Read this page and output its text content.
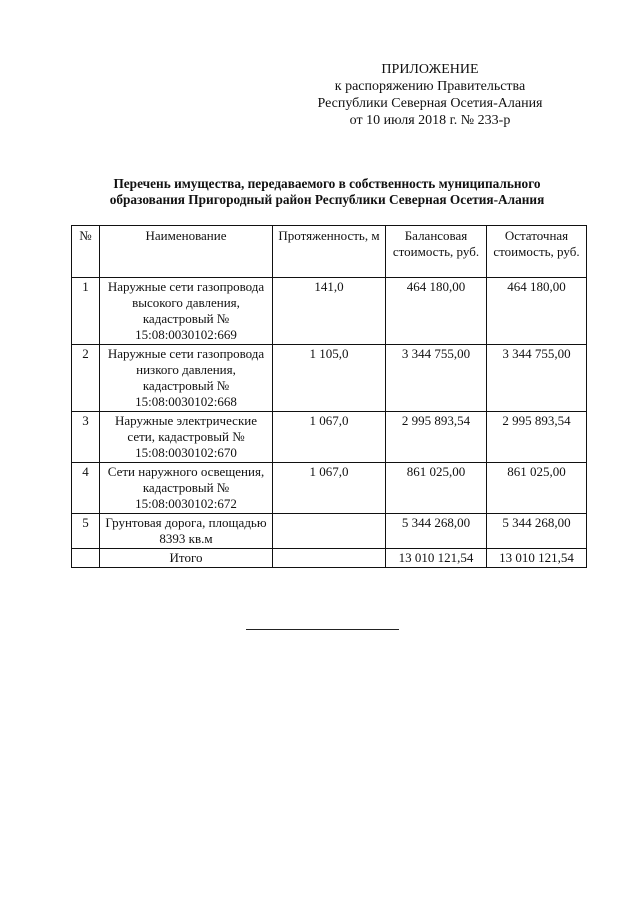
ПРИЛОЖЕНИЕ
к распоряжению Правительства
Республики Северная Осетия-Алания
от 10 июля 2018 г. № 233-р
Перечень имущества, передаваемого в собственность муниципального
образования Пригородный район Республики Северная Осетия-Алания
№	Наименование	Протяженность, м	Балансовая стоимость, руб.	Остаточная стоимость, руб.
1	Наружные сети газопровода высокого давления, кадастровый № 15:08:0030102:669	141,0	464 180,00	464 180,00
2	Наружные сети газопровода низкого давления, кадастровый № 15:08:0030102:668	1 105,0	3 344 755,00	3 344 755,00
3	Наружные электрические сети, кадастровый № 15:08:0030102:670	1 067,0	2 995 893,54	2 995 893,54
4	Сети наружного освещения, кадастровый № 15:08:0030102:672	1 067,0	861 025,00	861 025,00
5	Грунтовая дорога, площадью 8393 кв.м		5 344 268,00	5 344 268,00
	Итого		13 010 121,54	13 010 121,54
